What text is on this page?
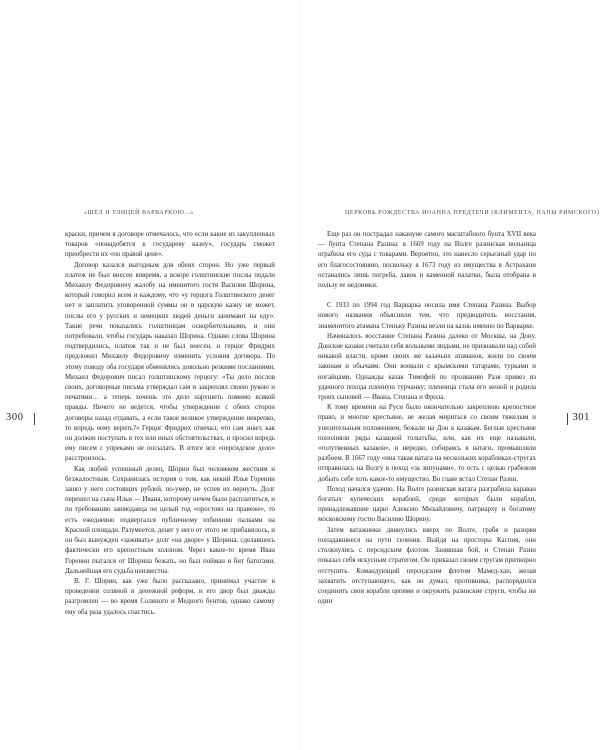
300
«ШЁЛ Я УЛИЦЕЙ ВАРВАРКОЮ...»

краски, причем в договоре отмечалось, что если какие из закупленных товаров «понадобятся к государеву казну», государь сможет приобрести их «по правой цене».

Договор казался выгодным для обеих сторон. Но уже первый платеж не был внесен вовремя, а вскоре голштинские послы подали Михаилу Федоровичу жалобу на именитого гостя Василия Шорина, который говорил всем и каждому, что «у герцога Голштинского денег нет и заплатить уговоренной суммы он в царскую казну не может, послы его у русских и немецких людей деньги занимают на еду». Такие речи показались голштинцам оскорбительными, и они потребовали, чтобы государь наказал Шорина. Однако слова Шорина подтвердились, платеж так и не был внесен, и герцог Фридрих предложил Михаилу Федоровичу изменить условия договора. По этому поводу оба государя обменялись довольно резкими посланиями. Михаил Федорович писал голштинскому герцогу: «Ты дело послов своих, договорные письма утверждал сам и закреплял своею рукою и печатями… а теперь хочешь это дело нарушить помимо всякой правды. Ничего не ведется, чтобы утверждение с обеих сторон договоры назад отдавать, а если такое великое утверждение некрепко, то впредь чему верить?» Герцог Фридрих отвечал, что сам знает, как он должен поступать в тех или иных обстоятельствах, и просил впредь ему писем с упреками не посылать. В итоге все «персидское дело» расстроилось.

Как любой успешный делец, Шорин был человеком жестким и безжалостным. Сохранилась история о том, как некий Илья Горенин занял у него состоящих рублей, по-умер, не успев их вернуть. Долг перешел на сына Ильи — Ивана, которому нечем было расплатиться, и по требованию заимодавца он целый год «простоял на правеже», то есть ежедневно подвергался публичному избиению палками на Красной площади. Разумеется, денег у него от этого не прибавилось, и он был вынужден «заживать» долг «на дворе» у Шорина, сделавшись фактически его крепостным холопом. Через какое-то время Иван Горенин пытался от Шорина бежать, но был пойман и бит батогами. Дальнейшая его судьба неизвестна.

В. Г. Шорин, как уже было рассказано, принимал участие в проведении соляной и денежной реформ, и его двор был дважды разгромлен — во время Соляного и Медного бунтов, однако самому ему оба раза удалось спастись.

ЦЕРКОВЬ РОЖДЕСТВА ИОАННА ПРЕДТЕЧИ (КЛИМЕНТА, ПАПЫ РИМСКОГО)
301

Еще раз он пострадал накануне самого масштабного бунта XVII века — бунта Степана Разина: в 1669 году на Волге разинская вольница ограбила его суда с товарами. Вероятно, это нанесло серьезный удар по его благосостоянию, поскольку в 1673 году из имущества в Астрахани оставались лишь погреба, лавок и каменной палатки, была отобрана в пользу ее недоимки.

С 1933 по 1994 год Варварка носила имя Степана Разина. Выбор нового названия объяснили тем, что предводитель восстания, знаменитого атамана Стеньку Разина везли на казнь именно по Варварке.

Начиналось восстание Степана Разина далеко от Москвы, на Дону. Донские казаки считали себя вольными людьми, не признавали над собой никакой власти, кроме своих же казачьих атаманов, жили по своим законам и обычаям. Они воевали с крымскими татарами, турками и ногайцами. Однажды казак Тимофей по прозванию Разя привез из удачного похода пленную турчанку; пленница стала его женой и родила троих сыновей — Ивана, Степана и Фрола.

К тому времени на Руси было окончательно закреплено крепостное право, и многие крестьяне, не желая мириться со своим тяжелым и унизительным положением, бежали на Дон к казакам. Беглые крестьяне пополняли ряды казацкой голытьбы, или, как их еще называли, «голутвенных казаков», и нередко, собираясь в ватаги, промышляли разбоем. В 1667 году «ина такая ватага на нескольких корабликах-стругах отправилась на Волгу в поход «за зипунами», то есть с целью грабежом добыть себе хоть какое-то имущество. Во главе встал Степан Разин.

Поход начался удачно. На Волге разинская ватага разграбила караван богатых купеческих кораблей, среди которых были корабли, принадлежавшие царю Алексею Михайловичу, патриарху и богатому московскому гостю Василию Шорину.

Затем ватажники двинулись вверх по Волге, грабя и разоряя попадавшиеся на пути селения. Выйдя на просторы Каспия, они столкнулись с персидским флотом. Занявшая бой, и Степан Разин показал себя искусным стратегом. Он приказал своим стругам притворно отступить. Командующий персидским флотом Мамед-хан, желая захватить отступающего, как он думал, противника, распорядился соединить свои корабли цепями и окружить разинские струги, чтобы ни один
